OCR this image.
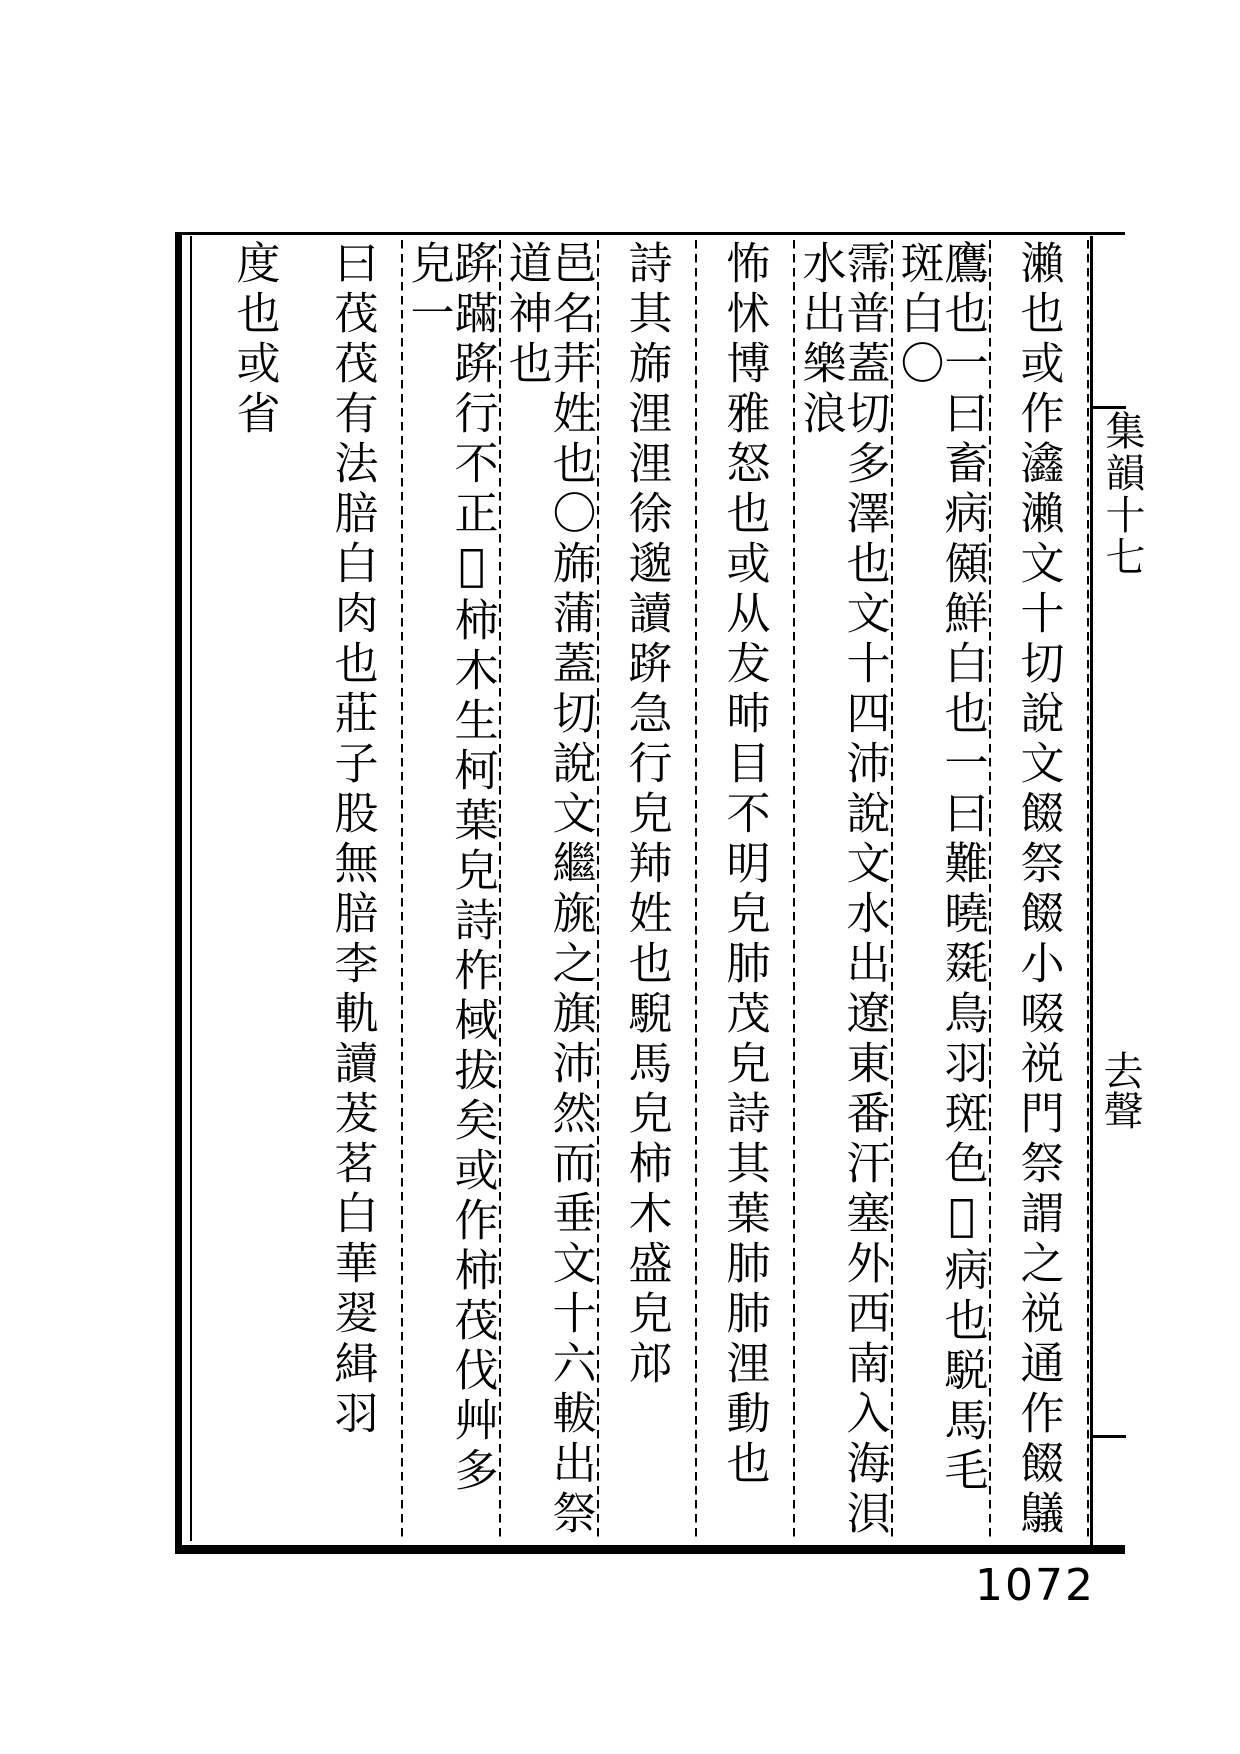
瀨也或作𤅺瀨文十切說文餟祭餟小啜祱門祭謂之祱通作餟鸃
鷹也一曰畜病䫛鮮白也一曰難曉毲鳥羽斑色𡣝病也駾馬毛斑白〇
霈普蓋切多澤也文十四沛說文水出遼東番汗塞外西南入海浿水出樂浪
怖怵博雅怒也或从犮昁目不明皃肺茂皃詩其葉肺肺浬動也
詩其旆浬浬徐邈讀䟸急行皃䍨姓也䮘馬皃柿木盛皃邟
邑名茾姓也〇旆蒲蓋切說文繼旐之旗沛然而垂文十六軷出祭道神也
䟸蹣䟸行不正𢪀柿木生柯葉皃詩柞棫拔矣或作柿茷伐艸多皃一
曰茷茷有法䏽白肉也莊子股無䏽李軌讀茇茗白華翇緝羽
度也或省
集韻十七
去聲
1072
